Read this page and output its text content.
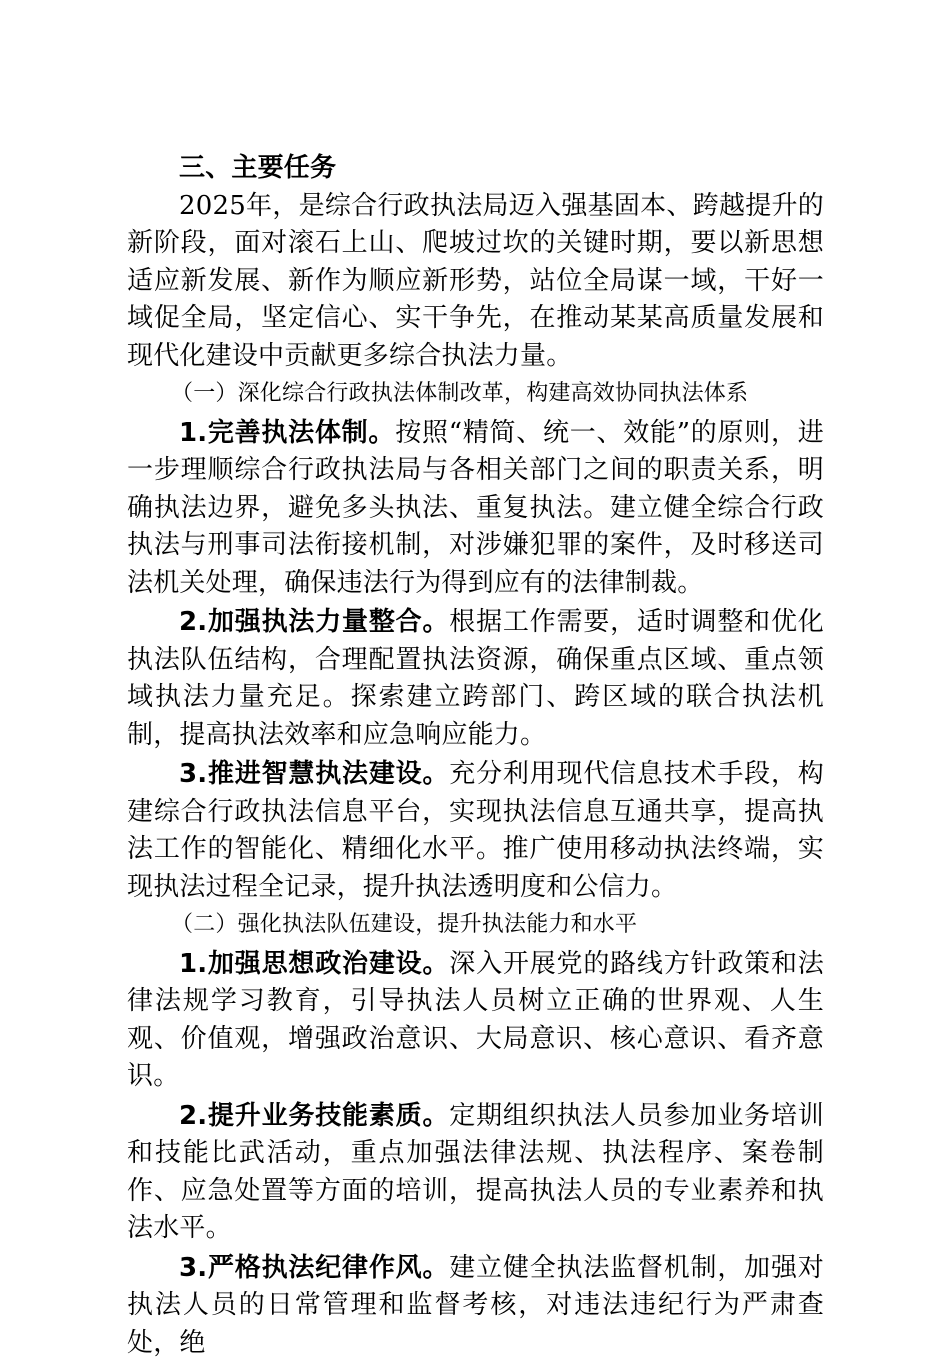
三、主要任务

2025年，是综合行政执法局迈入强基固本、跨越提升的新阶段，面对滚石上山、爬坡过坎的关键时期，要以新思想适应新发展、新作为顺应新形势，站位全局谋一域，干好一域促全局，坚定信心、实干争先，在推动某某高质量发展和现代化建设中贡献更多综合执法力量。

（一）深化综合行政执法体制改革，构建高效协同执法体系

1.完善执法体制。按照“精简、统一、效能”的原则，进一步理顺综合行政执法局与各相关部门之间的职责关系，明确执法边界，避免多头执法、重复执法。建立健全综合行政执法与刑事司法衔接机制，对涉嫌犯罪的案件，及时移送司法机关处理，确保违法行为得到应有的法律制裁。

2.加强执法力量整合。根据工作需要，适时调整和优化执法队伍结构，合理配置执法资源，确保重点区域、重点领域执法力量充足。探索建立跨部门、跨区域的联合执法机制，提高执法效率和应急响应能力。

3.推进智慧执法建设。充分利用现代信息技术手段，构建综合行政执法信息平台，实现执法信息互通共享，提高执法工作的智能化、精细化水平。推广使用移动执法终端，实现执法过程全记录，提升执法透明度和公信力。

（二）强化执法队伍建设，提升执法能力和水平

1.加强思想政治建设。深入开展党的路线方针政策和法律法规学习教育，引导执法人员树立正确的世界观、人生观、价值观，增强政治意识、大局意识、核心意识、看齐意识。

2.提升业务技能素质。定期组织执法人员参加业务培训和技能比武活动，重点加强法律法规、执法程序、案卷制作、应急处置等方面的培训，提高执法人员的专业素养和执法水平。

3.严格执法纪律作风。建立健全执法监督机制，加强对执法人员的日常管理和监督考核，对违法违纪行为严肃查处，绝
